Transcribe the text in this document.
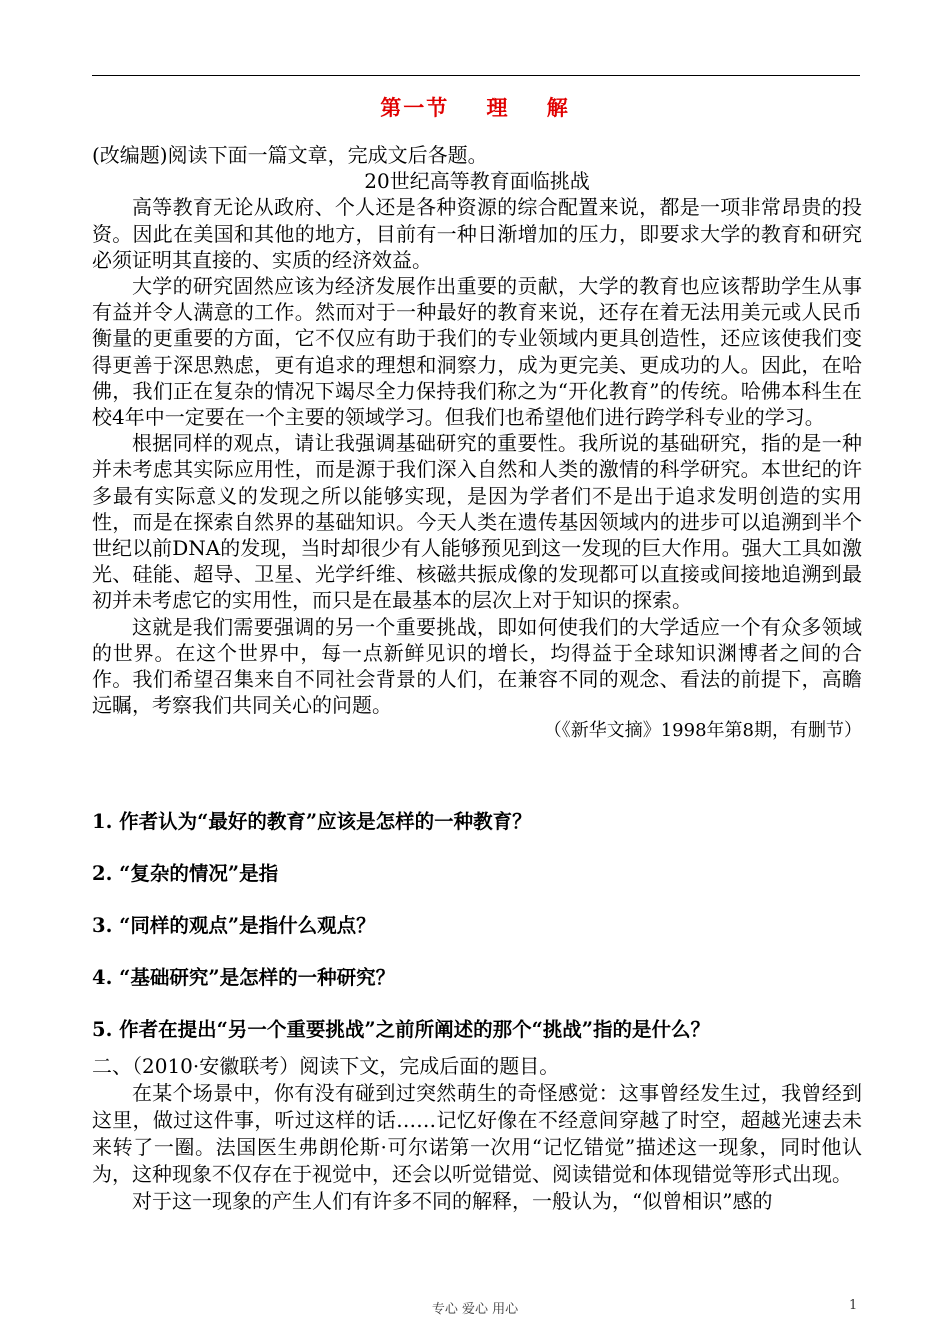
第一节    理    解

(改编题)阅读下面一篇文章，完成文后各题。

20世纪高等教育面临挑战

高等教育无论从政府、个人还是各种资源的综合配置来说，都是一项非常昂贵的投资。因此在美国和其他的地方，目前有一种日渐增加的压力，即要求大学的教育和研究必须证明其直接的、实质的经济效益。

大学的研究固然应该为经济发展作出重要的贡献，大学的教育也应该帮助学生从事有益并令人满意的工作。然而对于一种最好的教育来说，还存在着无法用美元或人民币衡量的更重要的方面，它不仅应有助于我们的专业领域内更具创造性，还应该使我们变得更善于深思熟虑，更有追求的理想和洞察力，成为更完美、更成功的人。因此，在哈佛，我们正在复杂的情况下竭尽全力保持我们称之为“开化教育”的传统。哈佛本科生在校4年中一定要在一个主要的领域学习。但我们也希望他们进行跨学科专业的学习。

根据同样的观点，请让我强调基础研究的重要性。我所说的基础研究，指的是一种并未考虑其实际应用性，而是源于我们深入自然和人类的激情的科学研究。本世纪的许多最有实际意义的发现之所以能够实现，是因为学者们不是出于追求发明创造的实用性，而是在探索自然界的基础知识。今天人类在遗传基因领域内的进步可以追溯到半个世纪以前DNA的发现，当时却很少有人能够预见到这一发现的巨大作用。强大工具如激光、硅能、超导、卫星、光学纤维、核磁共振成像的发现都可以直接或间接地追溯到最初并未考虑它的实用性，而只是在最基本的层次上对于知识的探索。

这就是我们需要强调的另一个重要挑战，即如何使我们的大学适应一个有众多领域的世界。在这个世界中，每一点新鲜见识的增长，均得益于全球知识渊博者之间的合作。我们希望召集来自不同社会背景的人们，在兼容不同的观念、看法的前提下，高瞻远瞩，考察我们共同关心的问题。

（《新华文摘》1998年第8期，有删节）

1. 作者认为“最好的教育”应该是怎样的一种教育？
2. “复杂的情况”是指
3. “同样的观点”是指什么观点？
4. “基础研究”是怎样的一种研究？
5. 作者在提出“另一个重要挑战”之前所阐述的那个“挑战”指的是什么？

二、（2010·安徽联考）阅读下文，完成后面的题目。

在某个场景中，你有没有碰到过突然萌生的奇怪感觉：这事曾经发生过，我曾经到这里，做过这件事，听过这样的话……记忆好像在不经意间穿越了时空，超越光速去未来转了一圈。法国医生弗朗伦斯·可尔诺第一次用“记忆错觉”描述这一现象，同时他认为，这种现象不仅存在于视觉中，还会以听觉错觉、阅读错觉和体现错觉等形式出现。

对于这一现象的产生人们有许多不同的解释，一般认为，“似曾相识”感的

专心 爱心 用心	1
